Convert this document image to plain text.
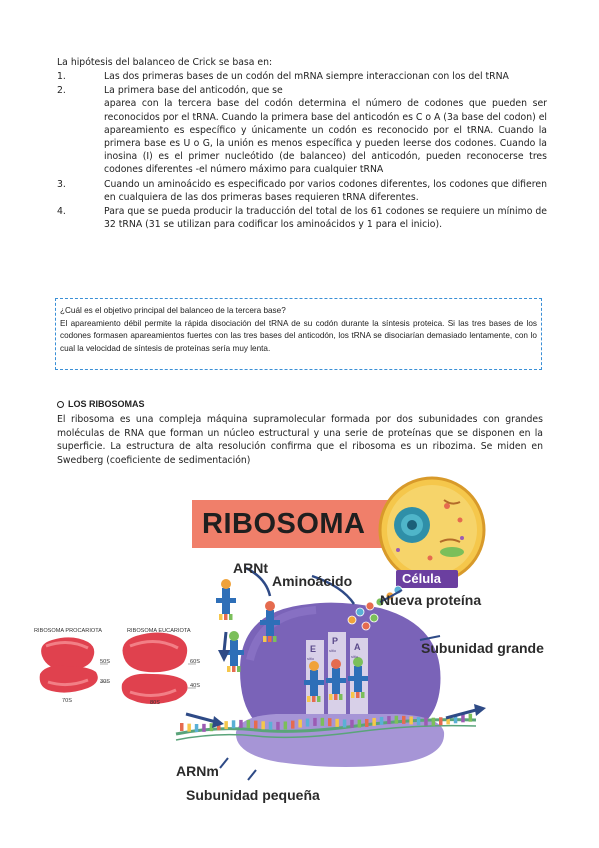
La hipótesis del balanceo de Crick se basa en:
1.	Las dos primeras bases de un codón del mRNA siempre interaccionan con los del tRNA
2.	La primera base del anticodón, que se
aparea con la tercera base del codón determina el número de codones que pueden ser reconocidos por el tRNA. Cuando la primera base del anticodón es C o A (3a base del codon) el apareamiento es específico y únicamente un codón es reconocido por el tRNA. Cuando la primera base es U o G, la unión es menos específica y pueden leerse dos codones. Cuando la inosina (I) es el primer nucleótido (de balanceo) del anticodón, pueden reconocerse tres codones diferentes -el número máximo para cualquier tRNA
3.	Cuando un aminoácido es especificado por varios codones diferentes, los codones que difieren en cualquiera de las dos primeras bases requieren tRNA diferentes.
4.	Para que se pueda producir la traducción del total de los 61 codones se requiere un mínimo de 32 tRNA (31 se utilizan para codificar los aminoácidos y 1 para el inicio).
¿Cuál es el objetivo principal del balanceo de la tercera base?
El apareamiento débil permite la rápida disociación del tRNA de su codón durante la síntesis proteica. Si las tres bases de los codones formasen apareamientos fuertes con las tres bases del anticodón, los tRNA se disociarían demasiado lentamente, con lo cual la velocidad de síntesis de proteínas sería muy lenta.
LOS RIBOSOMAS
El ribosoma es una compleja máquina supramolecular formada por dos subunidades con grandes moléculas de RNA que forman un núcleo estructural y una serie de proteínas que se disponen en la superficie. La estructura de alta resolución confirma que el ribosoma es un ribozima. Se miden en Swedberg (coeficiente de sedimentación)
RIBOSOMA
Célula
ARNt
Aminoácido
Nueva proteína
Subunidad grande
ARNm
Subunidad pequeña
E
P
A
sitio
sitio
sitio
RIBOSOMA PROCARIOTA	RIBOSOMA EUCARIOTA
50S
30S
70S
60S
40S
80S
